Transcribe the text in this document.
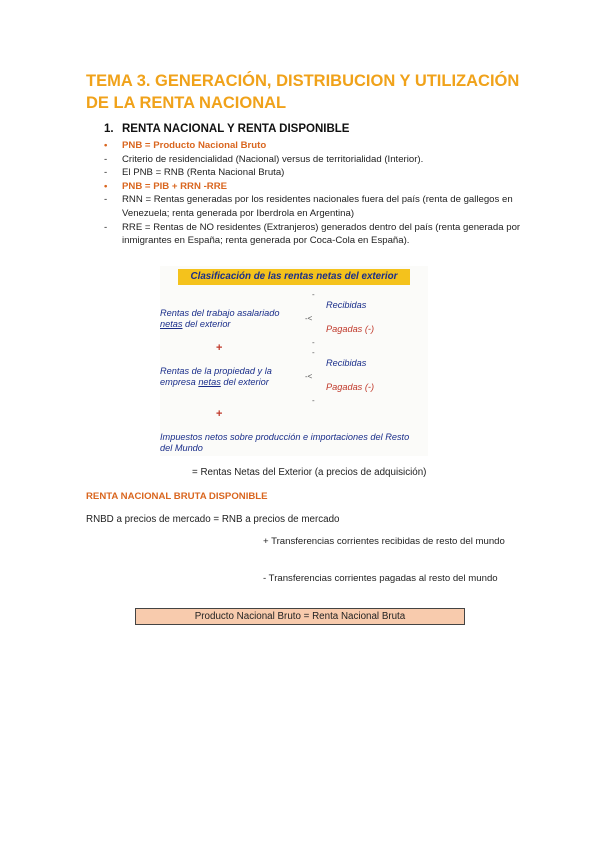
TEMA 3. GENERACIÓN, DISTRIBUCION Y UTILIZACIÓN DE LA RENTA NACIONAL
1. RENTA NACIONAL Y RENTA DISPONIBLE
• PNB = Producto Nacional Bruto
- Criterio de residencialidad (Nacional) versus de territorialidad (Interior).
- El PNB = RNB (Renta Nacional Bruta)
• PNB = PIB + RRN -RRE
- RNN = Rentas generadas por los residentes nacionales fuera del país (renta de gallegos en Venezuela; renta generada por Iberdrola en Argentina)
- RRE = Rentas de NO residentes (Extranjeros) generados dentro del país (renta generada por inmigrantes en España; renta generada por Coca-Cola en España).
Clasificación de las rentas netas del exterior
Rentas del trabajo asalariado
netas del exterior
+
Rentas de la propiedad y la
empresa netas del exterior
+
Impuestos netos sobre producción e importaciones del Resto
del Mundo
-
-<
-
-
-<
-
Recibidas
Pagadas (-)
Recibidas
Pagadas (-)
= Rentas Netas del Exterior (a precios de adquisición)
RENTA NACIONAL BRUTA DISPONIBLE
RNBD a precios de mercado = RNB a precios de mercado
+ Transferencias corrientes recibidas de resto del mundo
- Transferencias corrientes pagadas al resto del mundo
Producto Nacional Bruto = Renta Nacional Bruta
